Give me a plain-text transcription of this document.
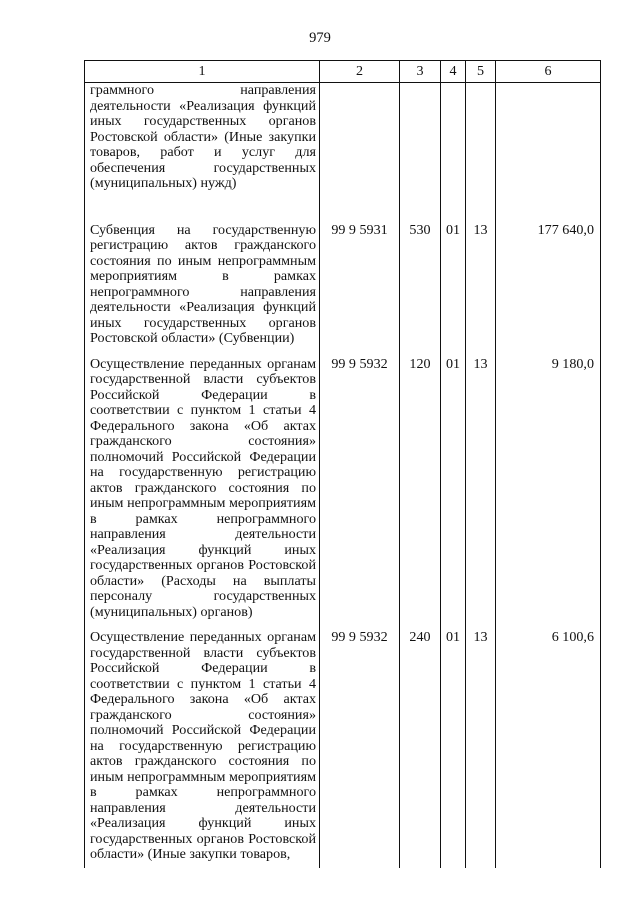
979
1	2	3	4	5	6
граммного направления деятельности «Реализация функций иных государственных органов Ростовской области» (Иные закупки товаров, работ и услуг для обеспечения государственных (муниципальных) нужд)					
Субвенция на государственную регистрацию актов гражданского состояния по иным непрограммным мероприятиям в рамках непрограммного направления деятельности «Реализация функций иных государственных органов Ростовской области» (Субвенции)	99 9 5931	530	01	13	177 640,0
Осуществление переданных органам государственной власти субъектов Российской Федерации в соответствии с пунктом 1 статьи 4 Федерального закона «Об актах гражданского состояния» полномочий Российской Федерации на государственную регистрацию актов гражданского состояния по иным непрограммным мероприятиям в рамках непрограммного направления деятельности «Реализация функций иных государственных органов Ростовской области» (Расходы на выплаты персоналу государственных (муниципальных) органов)	99 9 5932	120	01	13	9 180,0
Осуществление переданных органам государственной власти субъектов Российской Федерации в соответствии с пунктом 1 статьи 4 Федерального закона «Об актах гражданского состояния» полномочий Российской Федерации на государственную регистрацию актов гражданского состояния по иным непрограммным мероприятиям в рамках непрограммного направления деятельности «Реализация функций иных государственных органов Ростовской области» (Иные закупки товаров,	99 9 5932	240	01	13	6 100,6
